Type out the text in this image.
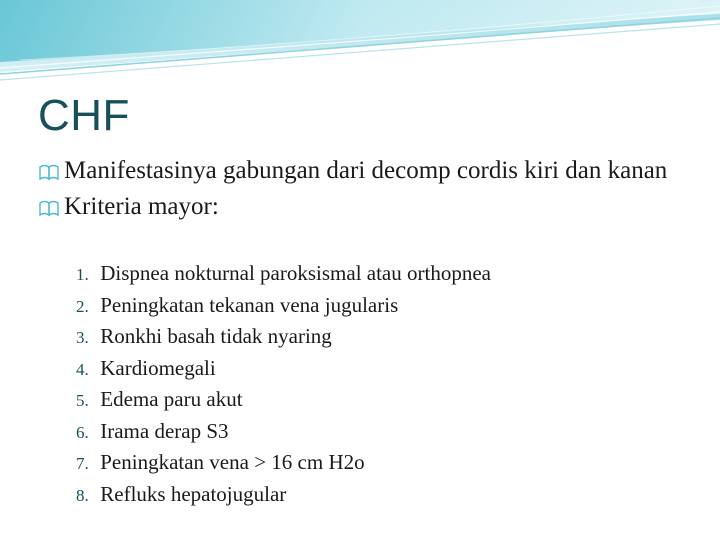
CHF
Manifestasinya gabungan dari decomp cordis kiri dan kanan
Kriteria mayor:
1. Dispnea nokturnal paroksismal atau orthopnea
2. Peningkatan tekanan vena jugularis
3. Ronkhi basah tidak nyaring
4. Kardiomegali
5. Edema paru akut
6. Irama derap S3
7. Peningkatan vena > 16 cm H2o
8. Refluks hepatojugular
